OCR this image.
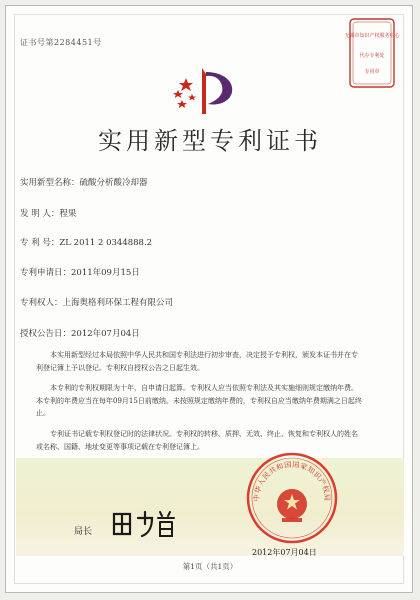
证书号第2284451号
无锡市知识产权服务中心
代办专利处
专用章
实用新型专利证书
实用新型名称：硫酸分析酸冷却器
发 明 人：程果
专 利 号：ZL 2011 2 0344888.2
专利申请日：2011年09月15日
专利权人：上海奥格利环保工程有限公司
授权公告日：2012年07月04日
本实用新型经过本局依照中华人民共和国专利法进行初步审查，决定授予专利权，颁发本证书并在专利登记簿上予以登记。专利权自授权公告之日起生效。
本专利的专利权期限为十年，自申请日起算。专利权人应当依照专利法及其实施细则规定缴纳年费。本专利的年费应当在每年09月15日前缴纳。未按照规定缴纳年费的，专利权自应当缴纳年费期满之日起终止。
专利证书记载专利权登记时的法律状况。专利权的转移、质押、无效、终止、恢复和专利权人的姓名或名称、国籍、地址变更等事项记载在专利登记簿上。
局长
中华人民共和国国家知识产权局
2012年07月04日
第1页（共1页）
